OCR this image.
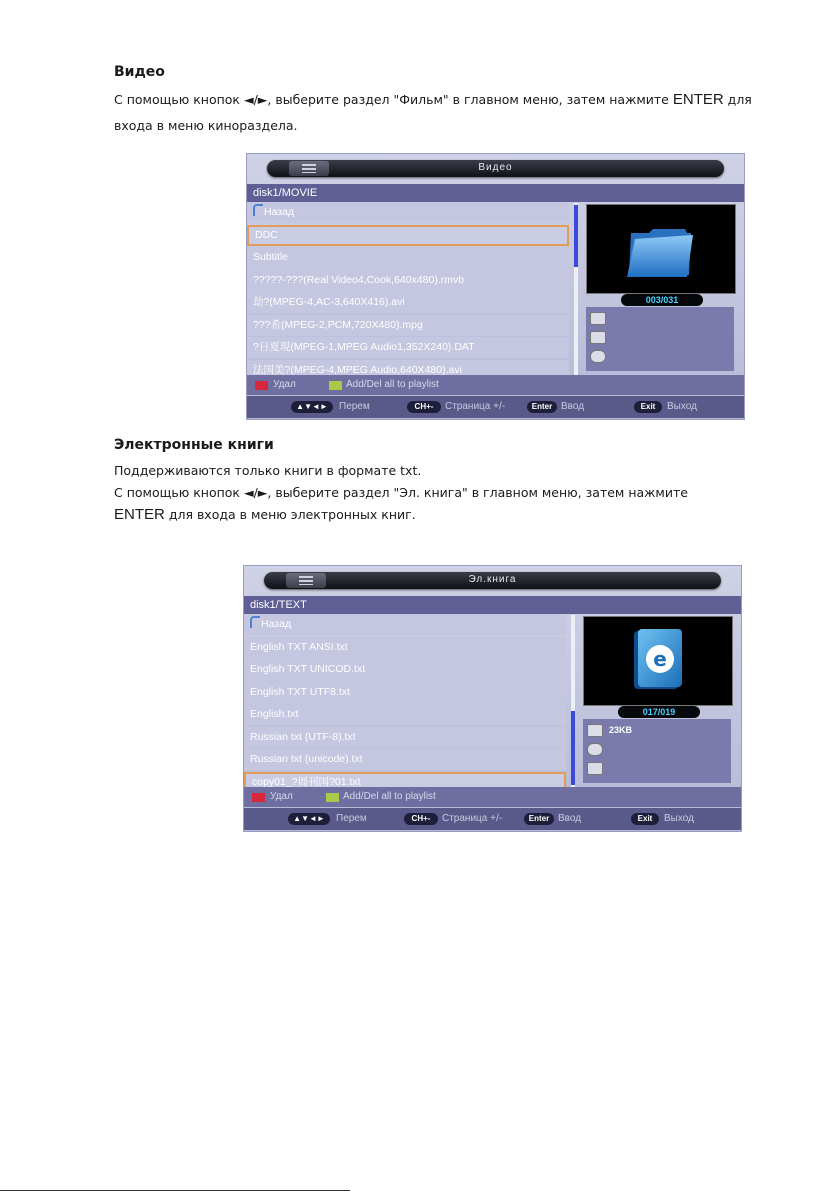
Видео

С помощью кнопок ◄/►, выберите раздел "Фильм" в главном меню, затем нажмите ENTER для
входа в меню кинораздела.

Видео
disk1/MOVIE
Назад
DDC
Subtitle
?????-???(Real Video4,Cook,640x480).rmvb
劫?(MPEG-4,AC-3,640X416).avi
???希(MPEG-2,PCM,720X480).mpg
?日夏現(MPEG-1,MPEG Audio1,352X240).DAT
法国美?(MPEG-4,MPEG Audio,640X480).avi
003/031
Удал	Add/Del all to playlist
▲▼◄►	Перем	CH+-	Страница +/-	Enter Ввод	Exit	Выход
Электронные книги

Поддерживаются только книги в формате txt.
С помощью кнопок ◄/►, выберите раздел "Эл. книга" в главном меню, затем нажмите
ENTER для входа в меню электронных книг.

Эл.книга
disk1/TEXT
Назад
English TXT ANSI.txt
English TXT UNICOD.txt
English TXT UTF8.txt
English.txt
Russian txt (UTF-8).txt
Russian txt (unicode).txt
copy01_?周刊国?01.txt
e
017/019
23KB
Удал	Add/Del all to playlist
▲▼◄►	Перем	CH+-	Страница +/-	Enter Ввод	Exit	Выход
